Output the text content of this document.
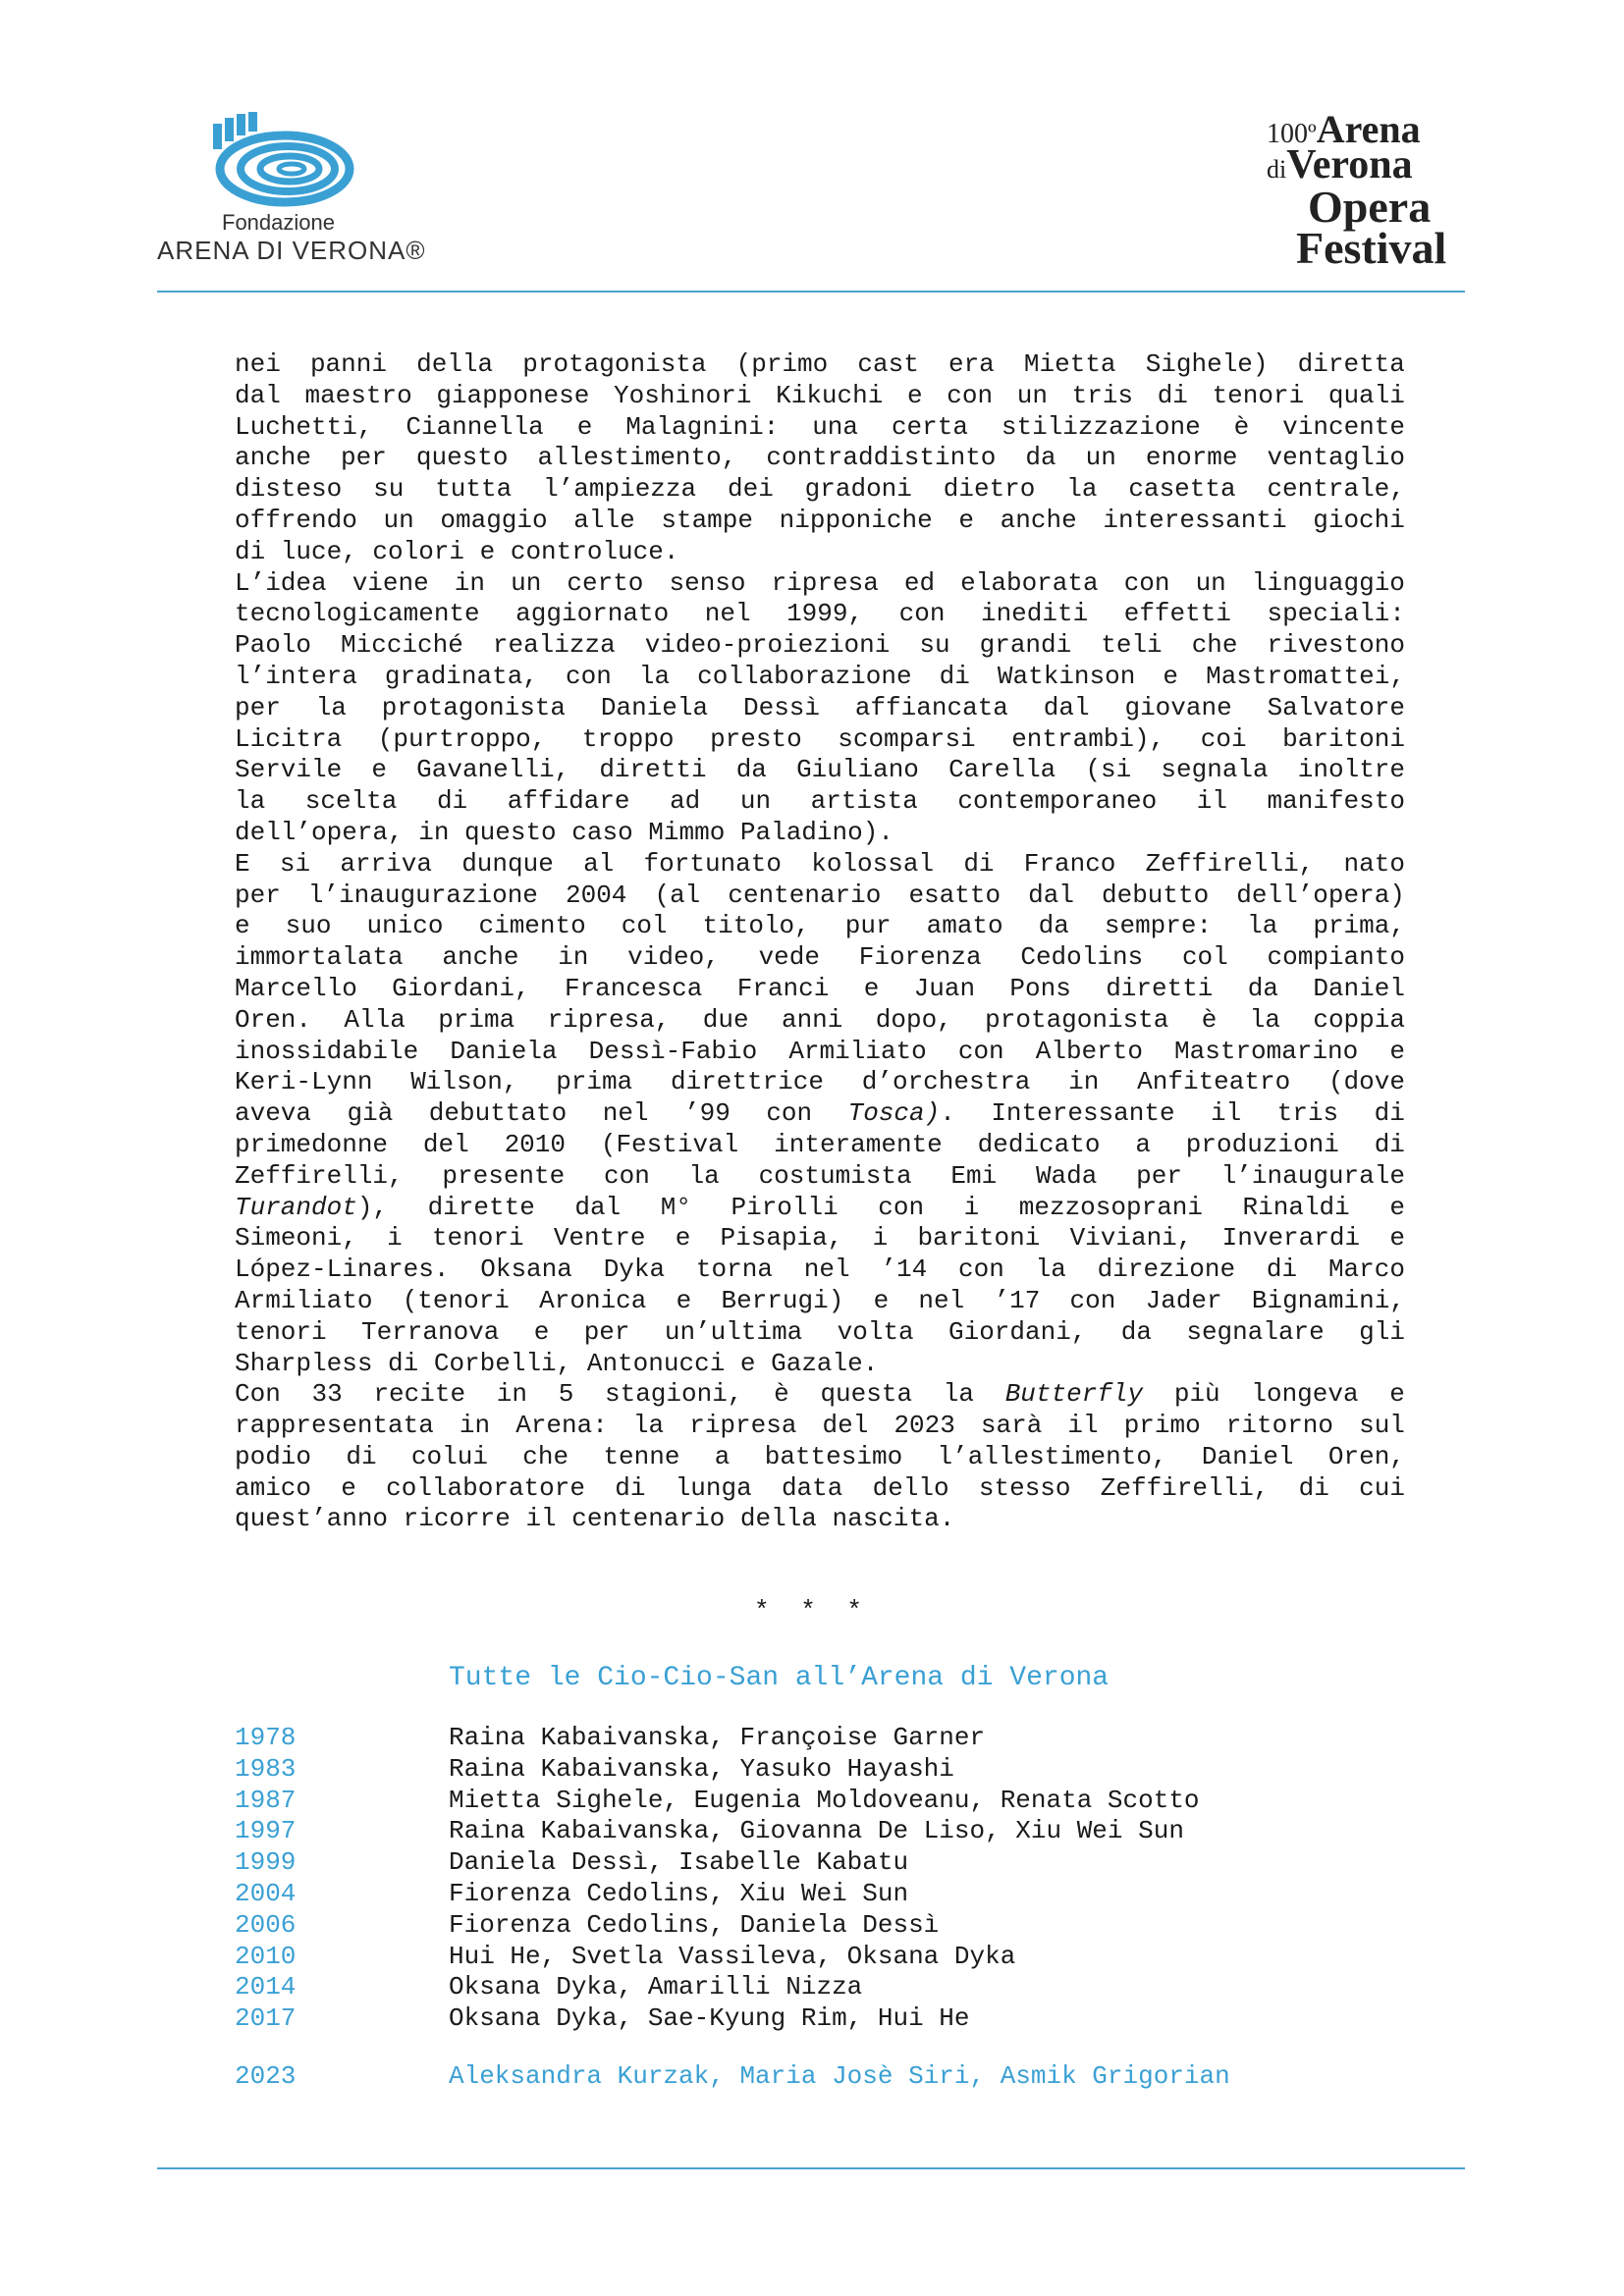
Fondazione
ARENA DI VERONA®
100ºArena
diVerona
Opera
Festival
nei panni della protagonista (primo cast era Mietta Sighele) diretta
dal maestro giapponese Yoshinori Kikuchi e con un tris di tenori quali
Luchetti, Ciannella e Malagnini: una certa stilizzazione è vincente
anche per questo allestimento, contraddistinto da un enorme ventaglio
disteso su tutta l’ampiezza dei gradoni dietro la casetta centrale,
offrendo un omaggio alle stampe nipponiche e anche interessanti giochi
di luce, colori e controluce.
L’idea viene in un certo senso ripresa ed elaborata con un linguaggio
tecnologicamente aggiornato nel 1999, con inediti effetti speciali:
Paolo Micciché realizza video-proiezioni su grandi teli che rivestono
l’intera gradinata, con la collaborazione di Watkinson e Mastromattei,
per la protagonista Daniela Dessì affiancata dal giovane Salvatore
Licitra (purtroppo, troppo presto scomparsi entrambi), coi baritoni
Servile e Gavanelli, diretti da Giuliano Carella (si segnala inoltre
la scelta di affidare ad un artista contemporaneo il manifesto
dell’opera, in questo caso Mimmo Paladino).
E si arriva dunque al fortunato kolossal di Franco Zeffirelli, nato
per l’inaugurazione 2004 (al centenario esatto dal debutto dell’opera)
e suo unico cimento col titolo, pur amato da sempre: la prima,
immortalata anche in video, vede Fiorenza Cedolins col compianto
Marcello Giordani, Francesca Franci e Juan Pons diretti da Daniel
Oren. Alla prima ripresa, due anni dopo, protagonista è la coppia
inossidabile Daniela Dessì-Fabio Armiliato con Alberto Mastromarino e
Keri-Lynn Wilson, prima direttrice d’orchestra in Anfiteatro (dove
aveva già debuttato nel ’99 con Tosca). Interessante il tris di
primedonne del 2010 (Festival interamente dedicato a produzioni di
Zeffirelli, presente con la costumista Emi Wada per l’inaugurale
Turandot), dirette dal M° Pirolli con i mezzosoprani Rinaldi e
Simeoni, i tenori Ventre e Pisapia, i baritoni Viviani, Inverardi e
López-Linares. Oksana Dyka torna nel ’14 con la direzione di Marco
Armiliato (tenori Aronica e Berrugi) e nel ’17 con Jader Bignamini,
tenori Terranova e per un’ultima volta Giordani, da segnalare gli
Sharpless di Corbelli, Antonucci e Gazale.
Con 33 recite in 5 stagioni, è questa la Butterfly più longeva e
rappresentata in Arena: la ripresa del 2023 sarà il primo ritorno sul
podio di colui che tenne a battesimo l’allestimento, Daniel Oren,
amico e collaboratore di lunga data dello stesso Zeffirelli, di cui
quest’anno ricorre il centenario della nascita.
* * *
Tutte le Cio-Cio-San all’Arena di Verona
1978	Raina Kabaivanska, Françoise Garner
1983	Raina Kabaivanska, Yasuko Hayashi
1987	Mietta Sighele, Eugenia Moldoveanu, Renata Scotto
1997	Raina Kabaivanska, Giovanna De Liso, Xiu Wei Sun
1999	Daniela Dessì, Isabelle Kabatu
2004	Fiorenza Cedolins, Xiu Wei Sun
2006	Fiorenza Cedolins, Daniela Dessì
2010	Hui He, Svetla Vassileva, Oksana Dyka
2014	Oksana Dyka, Amarilli Nizza
2017	Oksana Dyka, Sae-Kyung Rim, Hui He
2023	Aleksandra Kurzak, Maria Josè Siri, Asmik Grigorian
